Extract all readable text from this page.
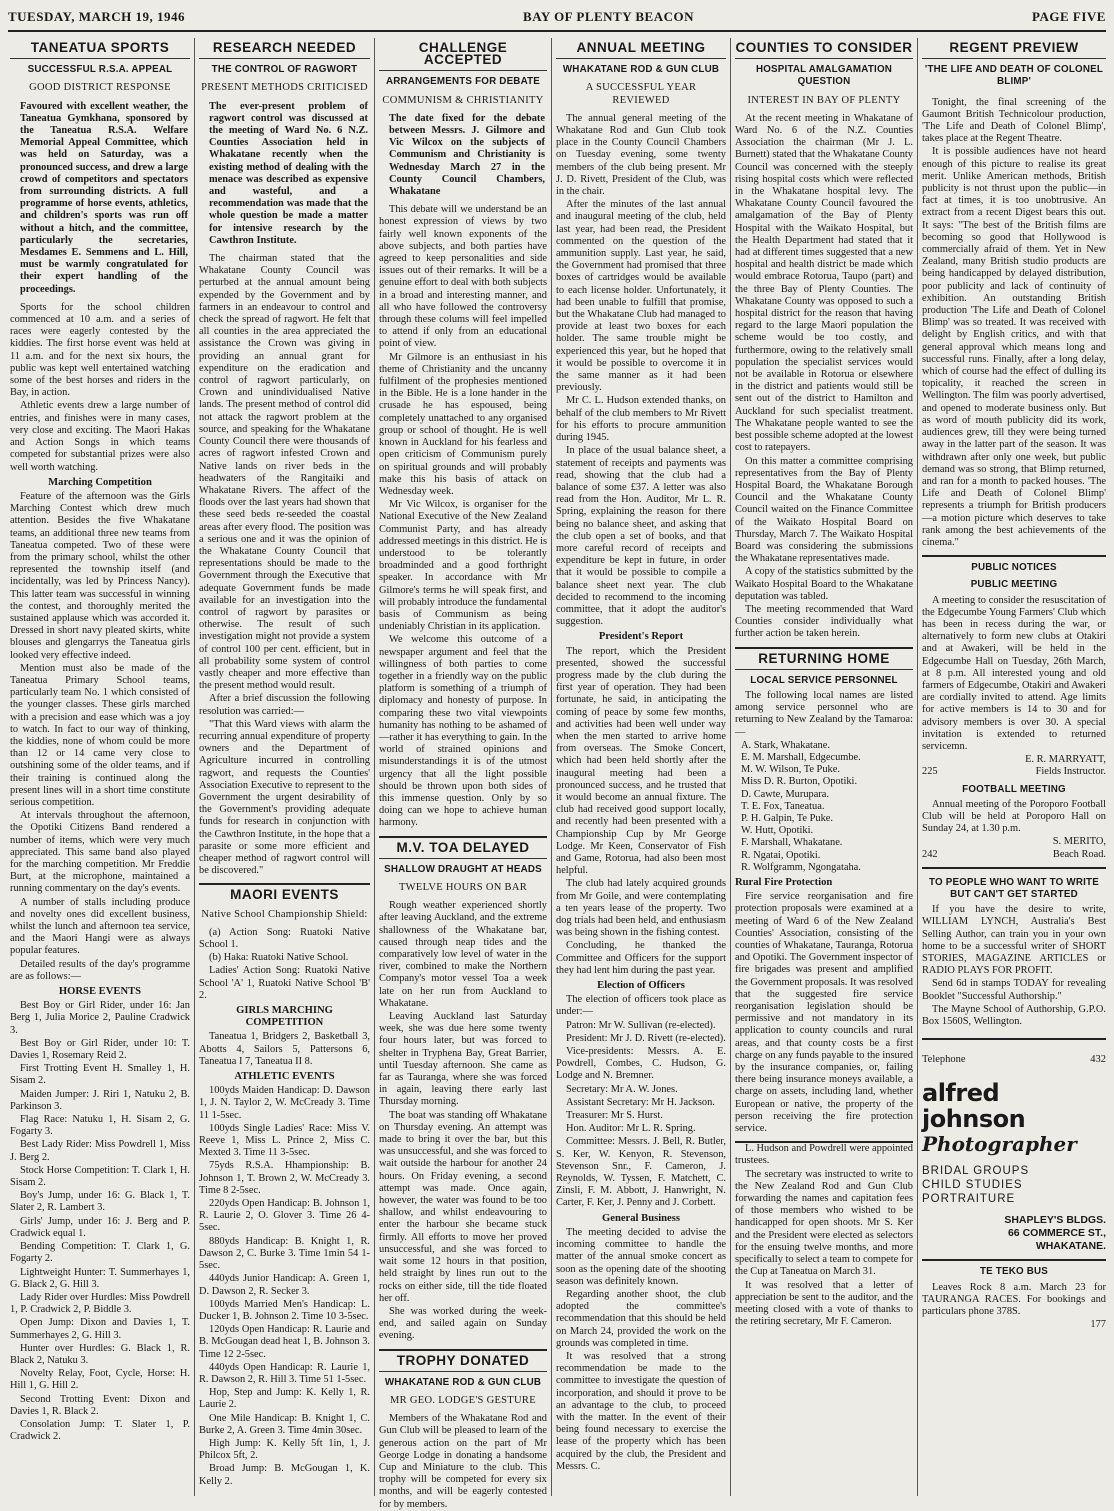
TUESDAY, MARCH 19, 1946	BAY OF PLENTY BEACON	PAGE FIVE
TANEATUA SPORTS
SUCCESSFUL R.S.A. APPEAL
GOOD DISTRICT RESPONSE
Favoured with excellent weather, the Taneatua Gymkhana, sponsored by the Taneatua R.S.A. Welfare Memorial Appeal Committee, which was held on Saturday, was a pronounced success, and drew a large crowd of competitors and spectators from surrounding districts. A full programme of horse events, athletics, and children's sports was run off without a hitch, and the committee, particularly the secretaries, Mesdames E. Semmens and L. Hill, must be warmly congratulated for their expert handling of the proceedings.

Sports for the school children commenced at 10 a.m. and a series of races were eagerly contested by the kiddies. The first horse event was held at 11 a.m. and for the next six hours, the public was kept well entertained watching some of the best horses and riders in the Bay, in action.

Athletic events drew a large number of entries, and finishes were in many cases, very close and exciting. The Maori Hakas and Action Songs in which teams competed for substantial prizes were also well worth watching.

Marching Competition

Feature of the afternoon was the Girls Marching Contest which drew much attention. Besides the five Whakatane teams, an additional three new teams from Taneatua competed. Two of these were from the primary school, whilst the other represented the township itself (and incidentally, was led by Princess Nancy). This latter team was successful in winning the contest, and thoroughly merited the sustained applause which was accorded it. Dressed in short navy pleated skirts, white blouses and glengarrys the Taneatua girls looked very effective indeed.

Mention must also be made of the Taneatua Primary School teams, particularly team No. 1 which consisted of the younger classes. These girls marched with a precision and ease which was a joy to watch. In fact to our way of thinking, the kiddies, none of whom could be more than 12 or 14 came very close to outshining some of the older teams, and if their training is continued along the present lines will in a short time constitute serious competition.

At intervals throughout the afternoon, the Opotiki Citizens Band rendered a number of items, which were very much appreciated. This same band also played for the marching competition. Mr Freddie Burt, at the microphone, maintained a running commentary on the day's events.

A number of stalls including produce and novelty ones did excellent business, whilst the lunch and afternoon tea service, and the Maori Hangi were as always popular features.

Detailed results of the day's programme are as follows:—

HORSE EVENTS

Best Boy or Girl Rider, under 16: Jan Berg 1, Julia Morice 2, Pauline Cradwick 3.

Best Boy or Girl Rider, under 10: T. Davies 1, Rosemary Reid 2.

First Trotting Event H. Smalley 1, H. Sisam 2.

Maiden Jumper: J. Riri 1, Natuku 2, B. Parkinson 3.

Flag Race: Natuku 1, H. Sisam 2, G. Fogarty 3.

Best Lady Rider: Miss Powdrell 1, Miss J. Berg 2.

Stock Horse Competition: T. Clark 1, H. Sisam 2.

Boy's Jump, under 16: G. Black 1, T. Slater 2, R. Lambert 3.

Girls' Jump, under 16: J. Berg and P. Cradwick equal 1.

Bending Competition: T. Clark 1, G. Fogarty 2.

Lightweight Hunter: T. Summerhayes 1, G. Black 2, G. Hill 3.

Lady Rider over Hurdles: Miss Powdrell 1, P. Cradwick 2, P. Biddle 3.

Open Jump: Dixon and Davies 1, T. Summerhayes 2, G. Hill 3.

Hunter over Hurdles: G. Black 1, R. Black 2, Natuku 3.

Novelty Relay, Foot, Cycle, Horse: H. Hill 1, G. Hill 2.

Second Trotting Event: Dixon and Davies 1, R. Black 2.

Consolation Jump: T. Slater 1, P. Cradwick 2.

RESEARCH NEEDED
THE CONTROL OF RAGWORT
PRESENT METHODS CRITICISED
The ever-present problem of ragwort control was discussed at the meeting of Ward No. 6 N.Z. Counties Association held in Whakatane recently when the existing method of dealing with the menace was described as expensive and wasteful, and a recommendation was made that the whole question be made a matter for intensive research by the Cawthron Institute.

The chairman stated that the Whakatane County Council was perturbed at the annual amount being expended by the Government and by farmers in an endeavour to control and check the spread of ragwort. He felt that all counties in the area appreciated the assistance the Crown was giving in providing an annual grant for expenditure on the eradication and control of ragwort particularly, on Crown and unindividualised Native lands. The present method of control did not attack the ragwort problem at the source, and speaking for the Whakatane County Council there were thousands of acres of ragwort infested Crown and Native lands on river beds in the headwaters of the Rangitaiki and Whakatane Rivers. The affect of the floods over the last years had shown that these seed beds re-seeded the coastal areas after every flood. The position was a serious one and it was the opinion of the Whakatane County Council that representations should be made to the Government through the Executive that adequate Government funds be made available for an investigation into the control of ragwort by parasites or otherwise. The result of such investigation might not provide a system of control 100 per cent. efficient, but in all probability some system of control vastly cheaper and more effective than the present method would result.

After a brief discussion the following resolution was carried:—

"That this Ward views with alarm the recurring annual expenditure of property owners and the Department of Agriculture incurred in controlling ragwort, and requests the Counties' Association Executive to represent to the Government the urgent desirability of the Government's providing adequate funds for research in conjunction with the Cawthron Institute, in the hope that a parasite or some more efficient and cheaper method of ragwort control will be discovered."

MAORI EVENTS
Native School Championship Shield:

(a) Action Song: Ruatoki Native School 1.

(b) Haka: Ruatoki Native School.

Ladies' Action Song: Ruatoki Native School 'A' 1, Ruatoki Native School 'B' 2.

GIRLS MARCHING COMPETITION

Taneatua 1, Bridgers 2, Basketball 3, Abotts 4, Sailors 5, Pattersons 6, Taneatua I 7, Taneatua II 8.

ATHLETIC EVENTS

100yds Maiden Handicap: D. Dawson 1, J. N. Taylor 2, W. McCready 3. Time 11 1-5sec.

100yds Single Ladies' Race: Miss V. Reeve 1, Miss L. Prince 2, Miss C. Mexted 3. Time 11 3-5sec.

75yds R.S.A. Hhampionship: B. Johnson 1, T. Brown 2, W. McCready 3. Time 8 2-5sec.

220yds Open Handicap: B. Johnson 1, R. Laurie 2, O. Glover 3. Time 26 4-5sec.

880yds Handicap: B. Knight 1, R. Dawson 2, C. Burke 3. Time 1min 54 1-5sec.

440yds Junior Handicap: A. Green 1, D. Dawson 2, R. Secker 3.

100yds Married Men's Handicap: L. Ducker 1, B. Johnson 2. Time 10 3-5sec.

120yds Open Handicap: R. Laurie and B. McGougan dead heat 1, B. Johnson 3. Time 12 2-5sec.

440yds Open Handicap: R. Laurie 1, R. Dawson 2, R. Hill 3. Time 51 1-5sec.

Hop, Step and Jump: K. Kelly 1, R. Laurie 2.

One Mile Handicap: B. Knight 1, C. Burke 2, A. Green 3. Time 4min 30sec.

High Jump: K. Kelly 5ft 1in, 1, J. Philcox 5ft, 2.

Broad Jump: B. McGougan 1, K. Kelly 2.

CHALLENGE ACCEPTED
ARRANGEMENTS FOR DEBATE
COMMUNISM & CHRISTIANITY
The date fixed for the debate between Messrs. J. Gilmore and Vic Wilcox on the subjects of Communism and Christianity is Wednesday March 27 in the County Council Chambers, Whakatane

This debate will we understand be an honest expression of views by two fairly well known exponents of the above subjects, and both parties have agreed to keep personalities and side issues out of their remarks. It will be a genuine effort to deal with both subjects in a broad and interesting manner, and all who have followed the controversy through these colums will feel impelled to attend if only from an educational point of view.

Mr Gilmore is an enthusiast in his theme of Christianity and the uncanny fulfilment of the prophesies mentioned in the Bible. He is a lone hander in the crusade he has espoused, being completely unattached to any organised group or school of thought. He is well known in Auckland for his fearless and open criticism of Communism purely on spiritual grounds and will probably make this his basis of attack on Wednesday week.

Mr Vic Wilcox, is organiser for the National Executive of the New Zealand Communist Party, and has already addressed meetings in this district. He is understood to be tolerantly broadminded and a good forthright speaker. In accordance with Mr Gilmore's terms he will speak first, and will probably introduce the fundamental basis of Communism as being undeniably Christian in its application.

We welcome this outcome of a newspaper argument and feel that the willingness of both parties to come together in a friendly way on the public platform is something of a triumph of diplomacy and honesty of purpose. In comparing these two vital viewpoints humanity has nothing to be ashamed of—rather it has everything to gain. In the world of strained opinions and misunderstandings it is of the utmost urgency that all the light possible should be thrown upon both sides of this immense question. Only by so doing can we hope to achieve human harmony.

M.V. TOA DELAYED
SHALLOW DRAUGHT AT HEADS
TWELVE HOURS ON BAR

Rough weather experienced shortly after leaving Auckland, and the extreme shallowness of the Whakatane bar, caused through neap tides and the comparatively low level of water in the river, combined to make the Northern Company's motor vessel Toa a week late on her run from Auckland to Whakatane.

Leaving Auckland last Saturday week, she was due here some twenty four hours later, but was forced to shelter in Tryphena Bay, Great Barrier, until Tuesday afternoon. She came as far as Tauranga, where she was forced in again, leaving there early last Thursday morning.

The boat was standing off Whakatane on Thursday evening. An attempt was made to bring it over the bar, but this was unsuccessful, and she was forced to wait outside the harbour for another 24 hours. On Friday evening, a second attempt was made. Once again, however, the water was found to be too shallow, and whilst endeavouring to enter the harbour she became stuck firmly. All efforts to move her proved unsuccessful, and she was forced to wait some 12 hours in that position, held straight by lines run out to the rocks on either side, till the tide floated her off.

She was worked during the week-end, and sailed again on Sunday evening.

TROPHY DONATED
WHAKATANE ROD & GUN CLUB
MR GEO. LODGE'S GESTURE

Members of the Whakatane Rod and Gun Club will be pleased to learn of the generous action on the part of Mr George Lodge in donating a handsome Cup and Miniature to the club. This trophy will be competed for every six months, and will be eagerly contested for by members.

ANNUAL MEETING
WHAKATANE ROD & GUN CLUB
A SUCCESSFUL YEAR REVIEWED

The annual general meeting of the Whakatane Rod and Gun Club took place in the County Council Chambers on Tuesday evening, some twenty members of the club being present. Mr J. D. Rivett, President of the Club, was in the chair.

After the minutes of the last annual and inaugural meeting of the club, held last year, had been read, the President commented on the question of the ammunition supply. Last year, he said, the Government had promised that three boxes of cartridges would be available to each license holder. Unfortunately, it had been unable to fulfill that promise, but the Whakatane Club had managed to provide at least two boxes for each holder. The same trouble might be experienced this year, but he hoped that it would be possible to overcome it in the same manner as it had been previously.

Mr C. L. Hudson extended thanks, on behalf of the club members to Mr Rivett for his efforts to procure ammunition during 1945.

In place of the usual balance sheet, a statement of receipts and payments was read, showing that the club had a balance of some £37. A letter was also read from the Hon. Auditor, Mr L. R. Spring, explaining the reason for there being no balance sheet, and asking that the club open a set of books, and that more careful record of receipts and expenditure be kept in future, in order that it would be possible to compile a balance sheet next year. The club decided to recommend to the incoming committee, that it adopt the auditor's suggestion.

President's Report

The report, which the President presented, showed the successful progress made by the club during the first year of operation. They had been fortunate, he said, in anticipating the coming of peace by some few months, and activities had been well under way when the men started to arrive home from overseas. The Smoke Concert, which had been held shortly after the inaugural meeting had been a pronounced success, and he trusted that it would become an annual fixture. The club had received good support locally, and recently had been presented with a Championship Cup by Mr George Lodge. Mr Keen, Conservator of Fish and Game, Rotorua, had also been most helpful.

The club had lately acquired grounds from Mr Goile, and were contemplating a ten years lease of the property. Two dog trials had been held, and enthusiasm was being shown in the fishing contest.

Concluding, he thanked the Committee and Officers for the support they had lent him during the past year.

Election of Officers

The election of officers took place as under:—

Patron: Mr W. Sullivan (re-elected).

President: Mr J. D. Rivett (re-elected).

Vice-presidents: Messrs. A. E. Powdrell, Combes, C. Hudson, G. Lodge and N. Bremner.

Secretary: Mr A. W. Jones.

Assistant Secretary: Mr H. Jackson.

Treasurer: Mr S. Hurst.

Hon. Auditor: Mr L. R. Spring.

Committee: Messrs. J. Bell, R. Butler, S. Ker, W. Kenyon, R. Stevenson, Stevenson Snr., F. Cameron, J. Reynolds, W. Tyssen, F. Matchett, C. Zinsli, F. M. Abbott, J. Hanwright, N. Carter, F. Ker, J. Penny and J. Corbett.

General Business

The meeting decided to advise the incoming committee to handle the matter of the annual smoke concert as soon as the opening date of the shooting season was definitely known.

Regarding another shoot, the club adopted the committee's recommendation that this should be held on March 24, provided the work on the grounds was completed in time.

It was resolved that a strong recommendation be made to the committee to investigate the question of incorporation, and should it prove to be an advantage to the club, to proceed with the matter. In the event of their being found necessary to exercise the lease of the property which has been acquired by the club, the President and Messrs. C.

COUNTIES TO CONSIDER
HOSPITAL AMALGAMATION QUESTION
INTEREST IN BAY OF PLENTY

At the recent meeting in Whakatane of Ward No. 6 of the N.Z. Counties Association the chairman (Mr J. L. Burnett) stated that the Whakatane County Council was concerned with the steeply rising hospital costs which were reflected in the Whakatane hospital levy. The Whakatane County Council favoured the amalgamation of the Bay of Plenty Hospital with the Waikato Hospital, but the Health Department had stated that it had at different times suggested that a new hospital and health district be made which would embrace Rotorua, Taupo (part) and the three Bay of Plenty Counties. The Whakatane County was opposed to such a hospital district for the reason that having regard to the large Maori population the scheme would be too costly, and furthermore, owing to the relatively small population the specialist services would not be available in Rotorua or elsewhere in the district and patients would still be sent out of the district to Hamilton and Auckland for such specialist treatment. The Whakatane people wanted to see the best possible scheme adopted at the lowest cost to ratepayers.

On this matter a committee comprising representatives from the Bay of Plenty Hospital Board, the Whakatane Borough Council and the Whakatane County Council waited on the Finance Committee of the Waikato Hospital Board on Thursday, March 7. The Waikato Hospital Board was considering the submissions the Whakatane representatives made.

A copy of the statistics submitted by the Waikato Hospital Board to the Whakatane deputation was tabled.

The meeting recommended that Ward Counties consider individually what further action be taken herein.

RETURNING HOME
LOCAL SERVICE PERSONNEL

The following local names are listed among service personnel who are returning to New Zealand by the Tamaroa:—

A. Stark, Whakatane.
E. M. Marshall, Edgecumbe.
M. W. Wilson, Te Puke.
Miss D. R. Burton, Opotiki.
D. Cawte, Murupara.
T. E. Fox, Taneatua.
P. H. Galpin, Te Puke.
W. Hutt, Opotiki.
F. Marshall, Whakatane.
R. Ngatai, Opotiki.
R. Wolfgramm, Ngongataha.
Rural Fire Protection

Fire service reorganisation and fire protection proposals were examined at a meeting of Ward 6 of the New Zealand Counties' Association, consisting of the counties of Whakatane, Tauranga, Rotorua and Opotiki. The Government inspector of fire brigades was present and amplified the Government proposals. It was resolved that the suggested fire service reorganisation legislation should be permissive and not mandatory in its application to county councils and rural areas, and that county costs be a first charge on any funds payable to the insured by the insurance companies, or, failing there being insurance moneys available, a charge on assets, including land, whether European or native, the property of the person receiving the fire protection service.

L. Hudson and Powdrell were appointed trustees.

The secretary was instructed to write to the New Zealand Rod and Gun Club forwarding the names and capitation fees of those members who wished to be handicapped for open shoots. Mr S. Ker and the President were elected as selectors for the ensuing twelve months, and more specifically to select a team to compete for the Cup at Taneatua on March 31.

It was resolved that a letter of appreciation be sent to the auditor, and the meeting closed with a vote of thanks to the retiring secretary, Mr F. Cameron.

REGENT PREVIEW
'THE LIFE AND DEATH OF COLONEL BLIMP'

Tonight, the final screening of the Gaumont British Technicolour production, 'The Life and Death of Colonel Blimp', takes place at the Regent Theatre.

It is possible audiences have not heard enough of this picture to realise its great merit. Unlike American methods, British publicity is not thrust upon the public—in fact at times, it is too unobtrusive. An extract from a recent Digest bears this out. It says: "The best of the British films are becoming so good that Hollywood is commercially afraid of them. Yet in New Zealand, many British studio products are being handicapped by delayed distribution, poor publicity and lack of continuity of exhibition. An outstanding British production 'The Life and Death of Colonel Blimp' was so treated. It was received with delight by English critics, and with that general approval which means long and successful runs. Finally, after a long delay, which of course had the effect of dulling its topicality, it reached the screen in Wellington. The film was poorly advertised, and opened to moderate business only. But as word of mouth publicity did its work, audiences grew, till they were being turned away in the latter part of the season. It was withdrawn after only one week, but public demand was so strong, that Blimp returned, and ran for a month to packed houses. 'The Life and Death of Colonel Blimp' represents a triumph for British producers—a motion picture which deserves to take rank among the best achievements of the cinema."

PUBLIC NOTICES
PUBLIC MEETING

A meeting to consider the resuscitation of the Edgecumbe Young Farmers' Club which has been in recess during the war, or alternatively to form new clubs at Otakiri and at Awakeri, will be held in the Edgecumbe Hall on Tuesday, 26th March, at 8 p.m. All interested young and old farmers of Edgecumbe, Otakiri and Awakeri are cordially invited to attend. Age limits for active members is 14 to 30 and for advisory members is over 30. A special invitation is extended to returned servicemn.

E. R. MARRYATT,
225	Fields Instructor.
FOOTBALL MEETING

Annual meeting of the Poroporo Football Club will be held at Poroporo Hall on Sunday 24, at 1.30 p.m.

S. MERITO,
242	Beach Road.
TO PEOPLE WHO WANT TO WRITE BUT CAN'T GET STARTED

If you have the desire to write, WILLIAM LYNCH, Australia's Best Selling Author, can train you in your own home to be a successful writer of SHORT STORIES, MAGAZINE ARTICLES or RADIO PLAYS FOR PROFIT.

Send 6d in stamps TODAY for revealing Booklet "Successful Authorship."

The Mayne School of Authorship, G.P.O. Box 1560S, Wellington.

Telephone	432
alfred johnson
Photographer
BRIDAL GROUPS
CHILD STUDIES
PORTRAITURE
SHAPLEY'S BLDGS.
66 COMMERCE ST.,
WHAKATANE.
TE TEKO BUS

Leaves Rock 8 a.m. March 23 for TAURANGA RACES. For bookings and particulars phone 378S.

177
